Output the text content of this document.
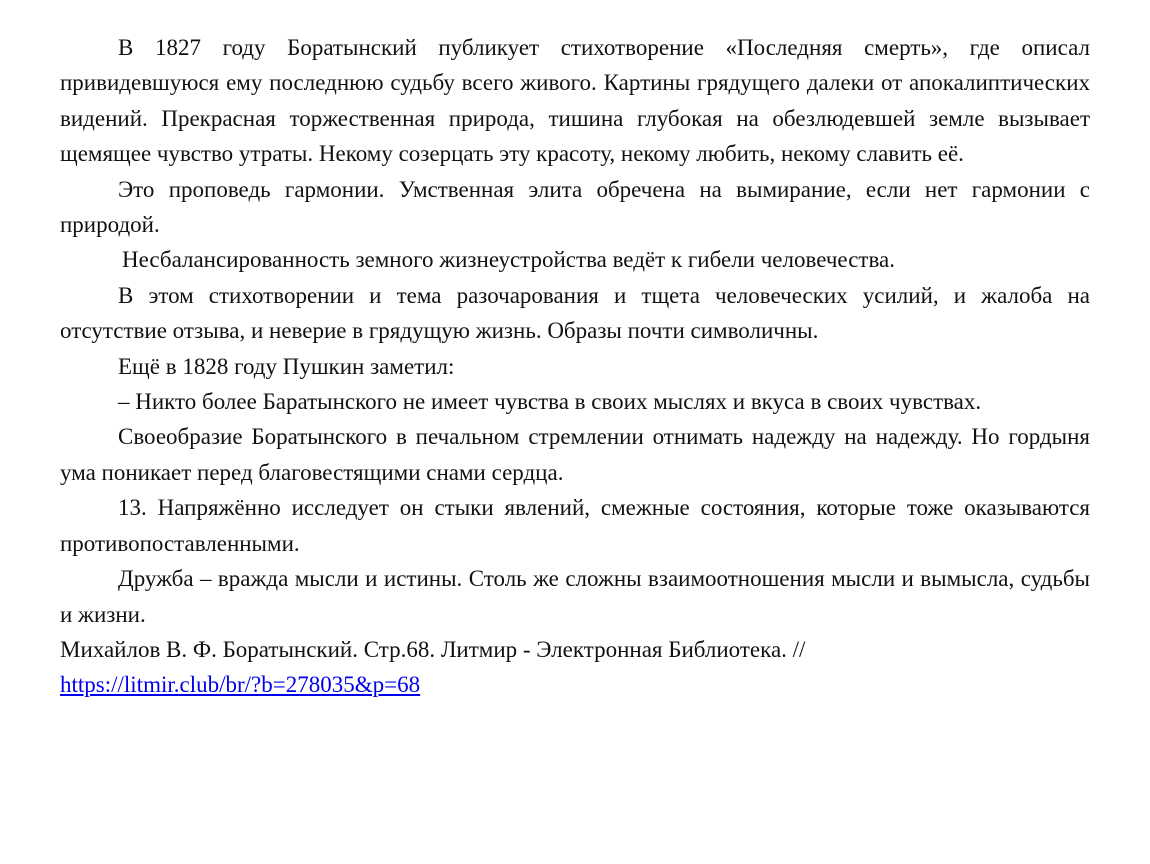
В 1827 году Боратынский публикует стихотворение «Последняя смерть», где описал привидевшуюся ему последнюю судьбу всего живого. Картины грядущего далеки от апокалиптических видений. Прекрасная торжественная природа, тишина глубокая на обезлюдевшей земле вызывает щемящее чувство утраты. Некому созерцать эту красоту, некому любить, некому славить её.

Это проповедь гармонии. Умственная элита обречена на вымирание, если нет гармонии с природой.

Несбалансированность земного жизнеустройства ведёт к гибели человечества.

В этом стихотворении и тема разочарования и тщета человеческих усилий, и жалоба на отсутствие отзыва, и неверие в грядущую жизнь. Образы почти символичны.

Ещё в 1828 году Пушкин заметил:

– Никто более Баратынского не имеет чувства в своих мыслях и вкуса в своих чувствах.

Своеобразие Боратынского в печальном стремлении отнимать надежду на надежду. Но гордыня ума поникает перед благовестящими снами сердца.

13. Напряжённо исследует он стыки явлений, смежные состояния, которые тоже оказываются противопоставленными.

Дружба – вражда мысли и истины. Столь же сложны взаимоотношения мысли и вымысла, судьбы и жизни.

Михайлов В. Ф. Боратынский. Стр.68. Литмир - Электронная Библиотека. //
https://litmir.club/br/?b=278035&p=68
